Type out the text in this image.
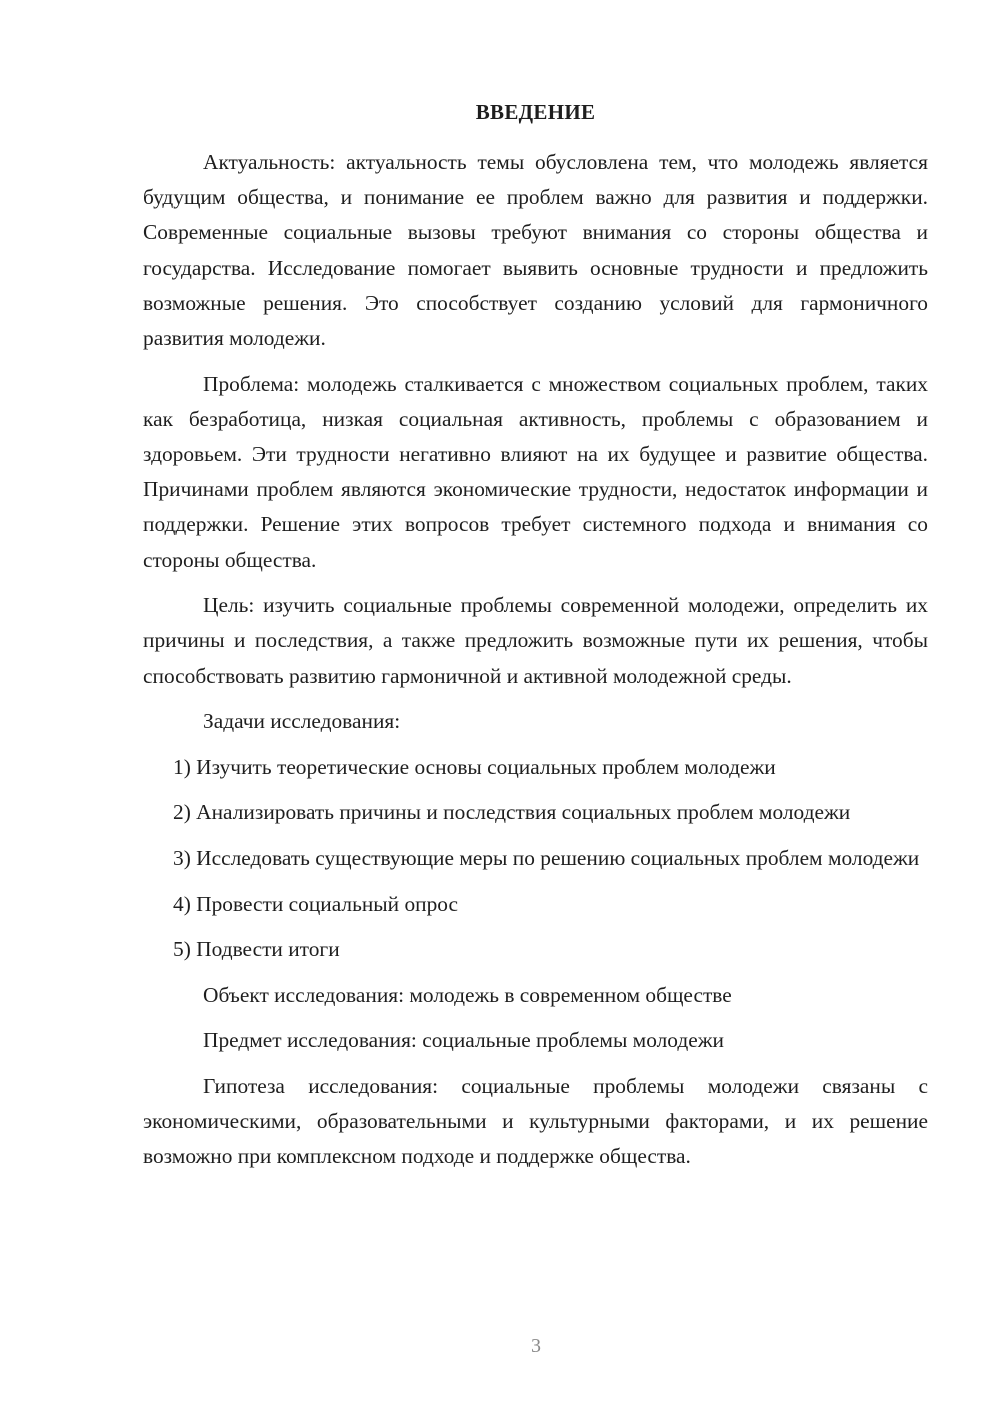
ВВЕДЕНИЕ

Актуальность: актуальность темы обусловлена тем, что молодежь является будущим общества, и понимание ее проблем важно для развития и поддержки. Современные социальные вызовы требуют внимания со стороны общества и государства. Исследование помогает выявить основные трудности и предложить возможные решения. Это способствует созданию условий для гармоничного развития молодежи.

Проблема: молодежь сталкивается с множеством социальных проблем, таких как безработица, низкая социальная активность, проблемы с образованием и здоровьем. Эти трудности негативно влияют на их будущее и развитие общества. Причинами проблем являются экономические трудности, недостаток информации и поддержки. Решение этих вопросов требует системного подхода и внимания со стороны общества.

Цель: изучить социальные проблемы современной молодежи, определить их причины и последствия, а также предложить возможные пути их решения, чтобы способствовать развитию гармоничной и активной молодежной среды.

Задачи исследования:

1) Изучить теоретические основы социальных проблем молодежи

2) Анализировать причины и последствия социальных проблем молодежи

3) Исследовать существующие меры по решению социальных проблем молодежи

4) Провести социальный опрос

5) Подвести итоги

Объект исследования: молодежь в современном обществе

Предмет исследования: социальные проблемы молодежи

Гипотеза исследования: социальные проблемы молодежи связаны с экономическими, образовательными и культурными факторами, и их решение возможно при комплексном подходе и поддержке общества.

3
